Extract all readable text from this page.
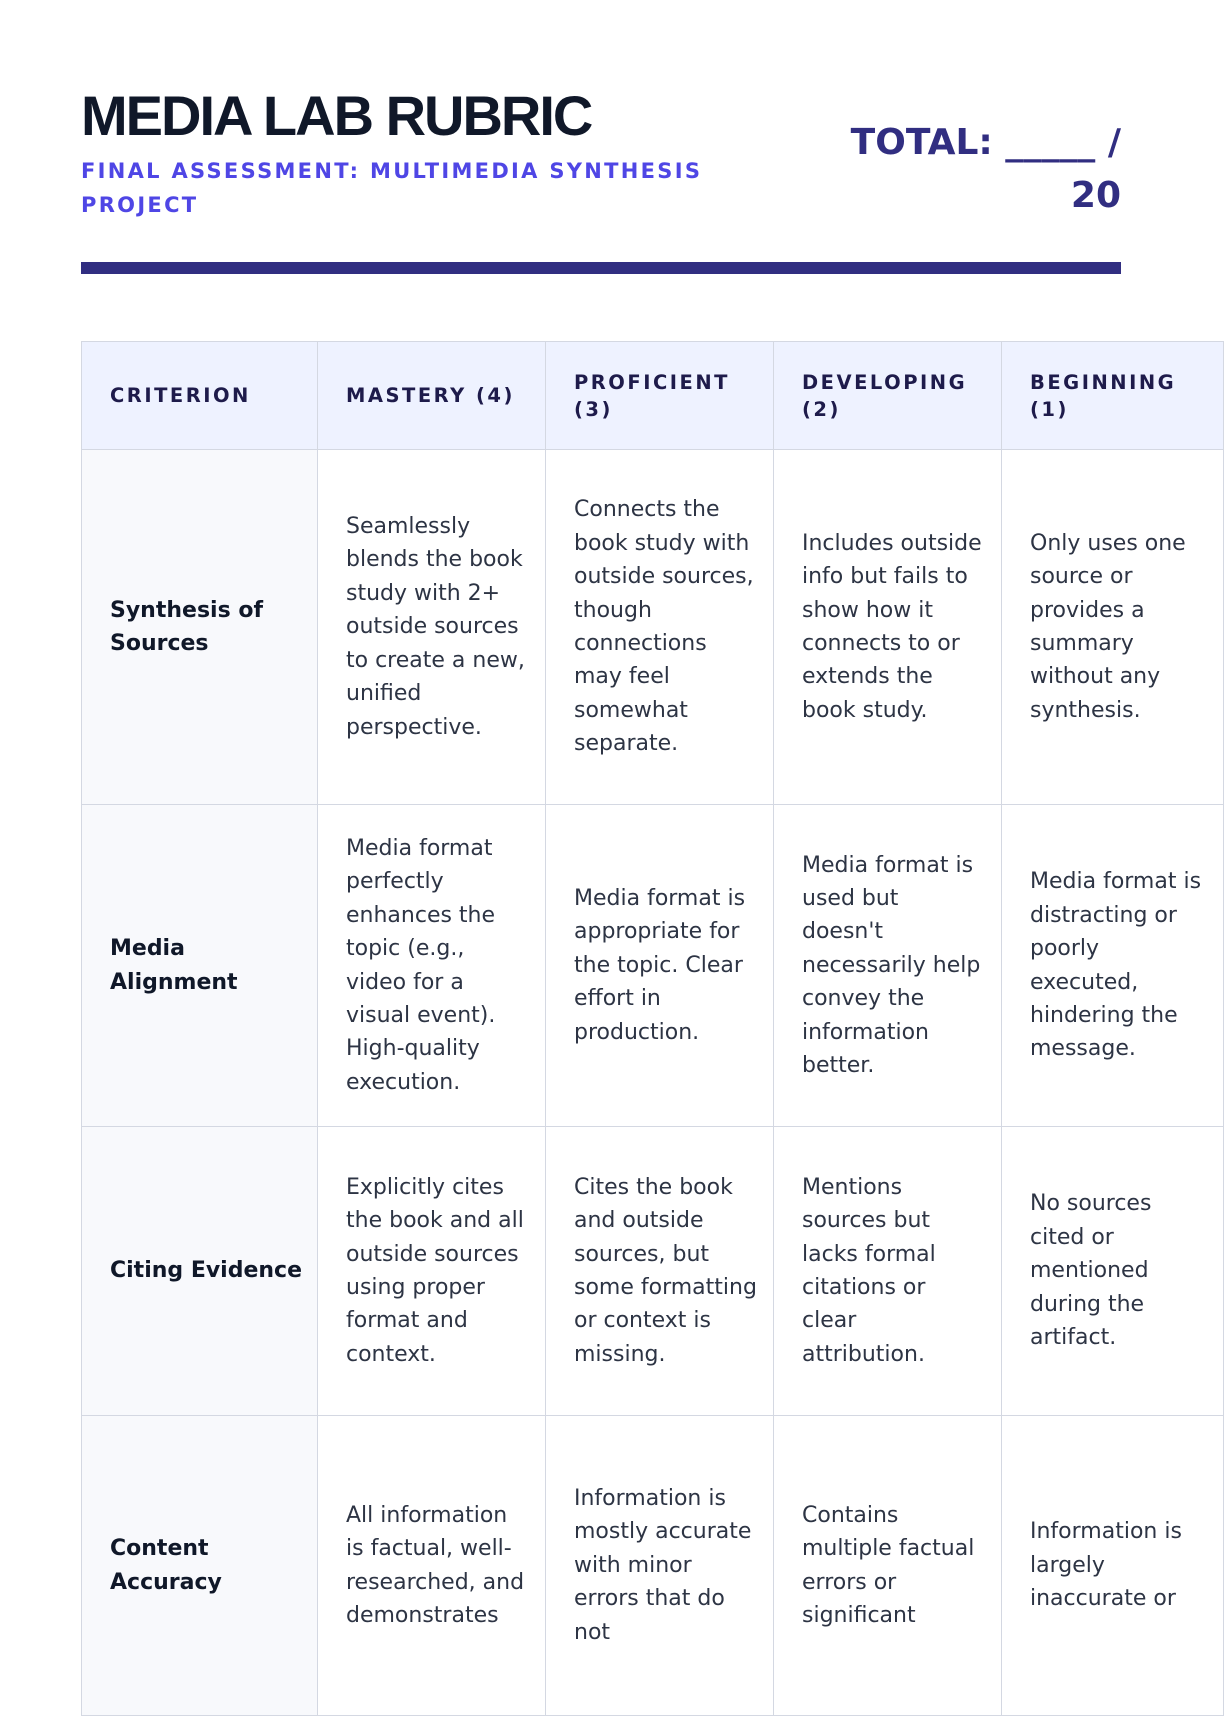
MEDIA LAB RUBRIC
FINAL ASSESSMENT: MULTIMEDIA SYNTHESIS PROJECT
TOTAL: _____ / 20
CRITERION	MASTERY (4)	PROFICIENT (3)	DEVELOPING (2)	BEGINNING (1)
Synthesis of Sources	Seamlessly blends the book study with 2+ outside sources to create a new, unified perspective.	Connects the book study with outside sources, though connections may feel somewhat separate.	Includes outside info but fails to show how it connects to or extends the book study.	Only uses one source or provides a summary without any synthesis.
Media Alignment	Media format perfectly enhances the topic (e.g., video for a visual event). High-quality execution.	Media format is appropriate for the topic. Clear effort in production.	Media format is used but doesn't necessarily help convey the information better.	Media format is distracting or poorly executed, hindering the message.
Citing Evidence	Explicitly cites the book and all outside sources using proper format and context.	Cites the book and outside sources, but some formatting or context is missing.	Mentions sources but lacks formal citations or clear attribution.	No sources cited or mentioned during the artifact.
Content Accuracy	All information is factual, well-researched, and demonstrates	Information is mostly accurate with minor errors that do not	Contains multiple factual errors or significant	Information is largely inaccurate or
